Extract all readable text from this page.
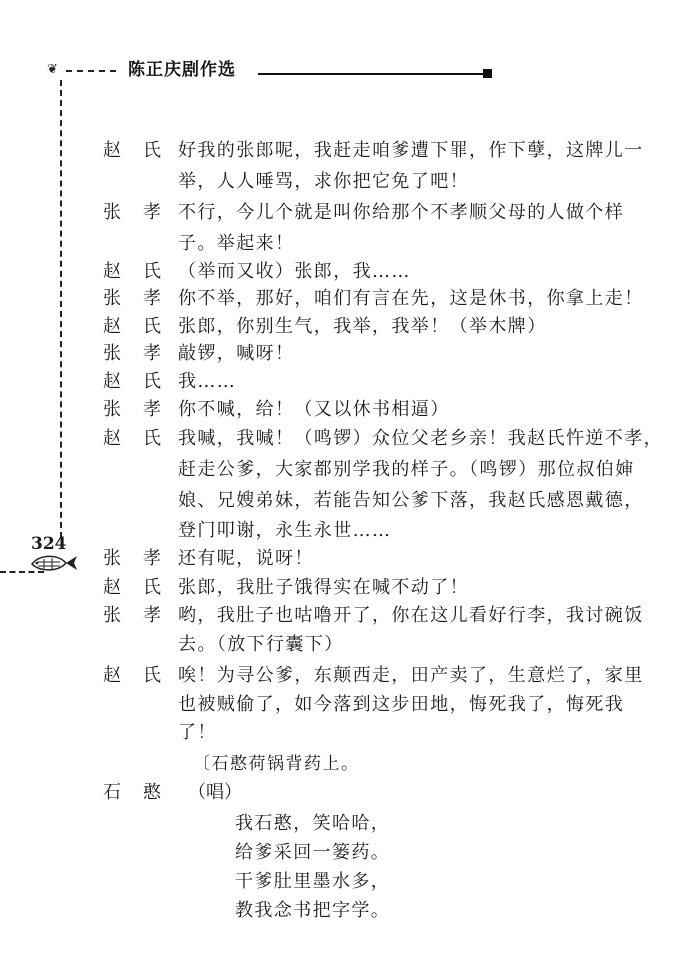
❦	陈正庆剧作选
324
赵氏
好我的张郎呢，我赶走咱爹遭下罪，作下孽，这牌儿一
举，人人唾骂，求你把它免了吧！
张孝
不行，今儿个就是叫你给那个不孝顺父母的人做个样
子。举起来！
赵氏
（举而又收）张郎，我……
张孝
你不举，那好，咱们有言在先，这是休书，你拿上走！
赵氏
张郎，你别生气，我举，我举！（举木牌）
张孝
敲锣，喊呀！
赵氏
我……
张孝
你不喊，给！（又以休书相逼）
赵氏
我喊，我喊！（鸣锣）众位父老乡亲！我赵氏忤逆不孝，
赶走公爹，大家都别学我的样子。（鸣锣）那位叔伯婶
娘、兄嫂弟妹，若能告知公爹下落，我赵氏感恩戴德，
登门叩谢，永生永世……
张孝
还有呢，说呀！
赵氏
张郎，我肚子饿得实在喊不动了！
张孝
哟，我肚子也咕噜开了，你在这儿看好行李，我讨碗饭
去。（放下行囊下）
赵氏
唉！为寻公爹，东颠西走，田产卖了，生意烂了，家里
也被贼偷了，如今落到这步田地，悔死我了，悔死我
了！
〔石憨荷锅背药上。
石憨 （唱）
我石憨，笑哈哈，
给爹采回一篓药。
干爹肚里墨水多，
教我念书把字学。
